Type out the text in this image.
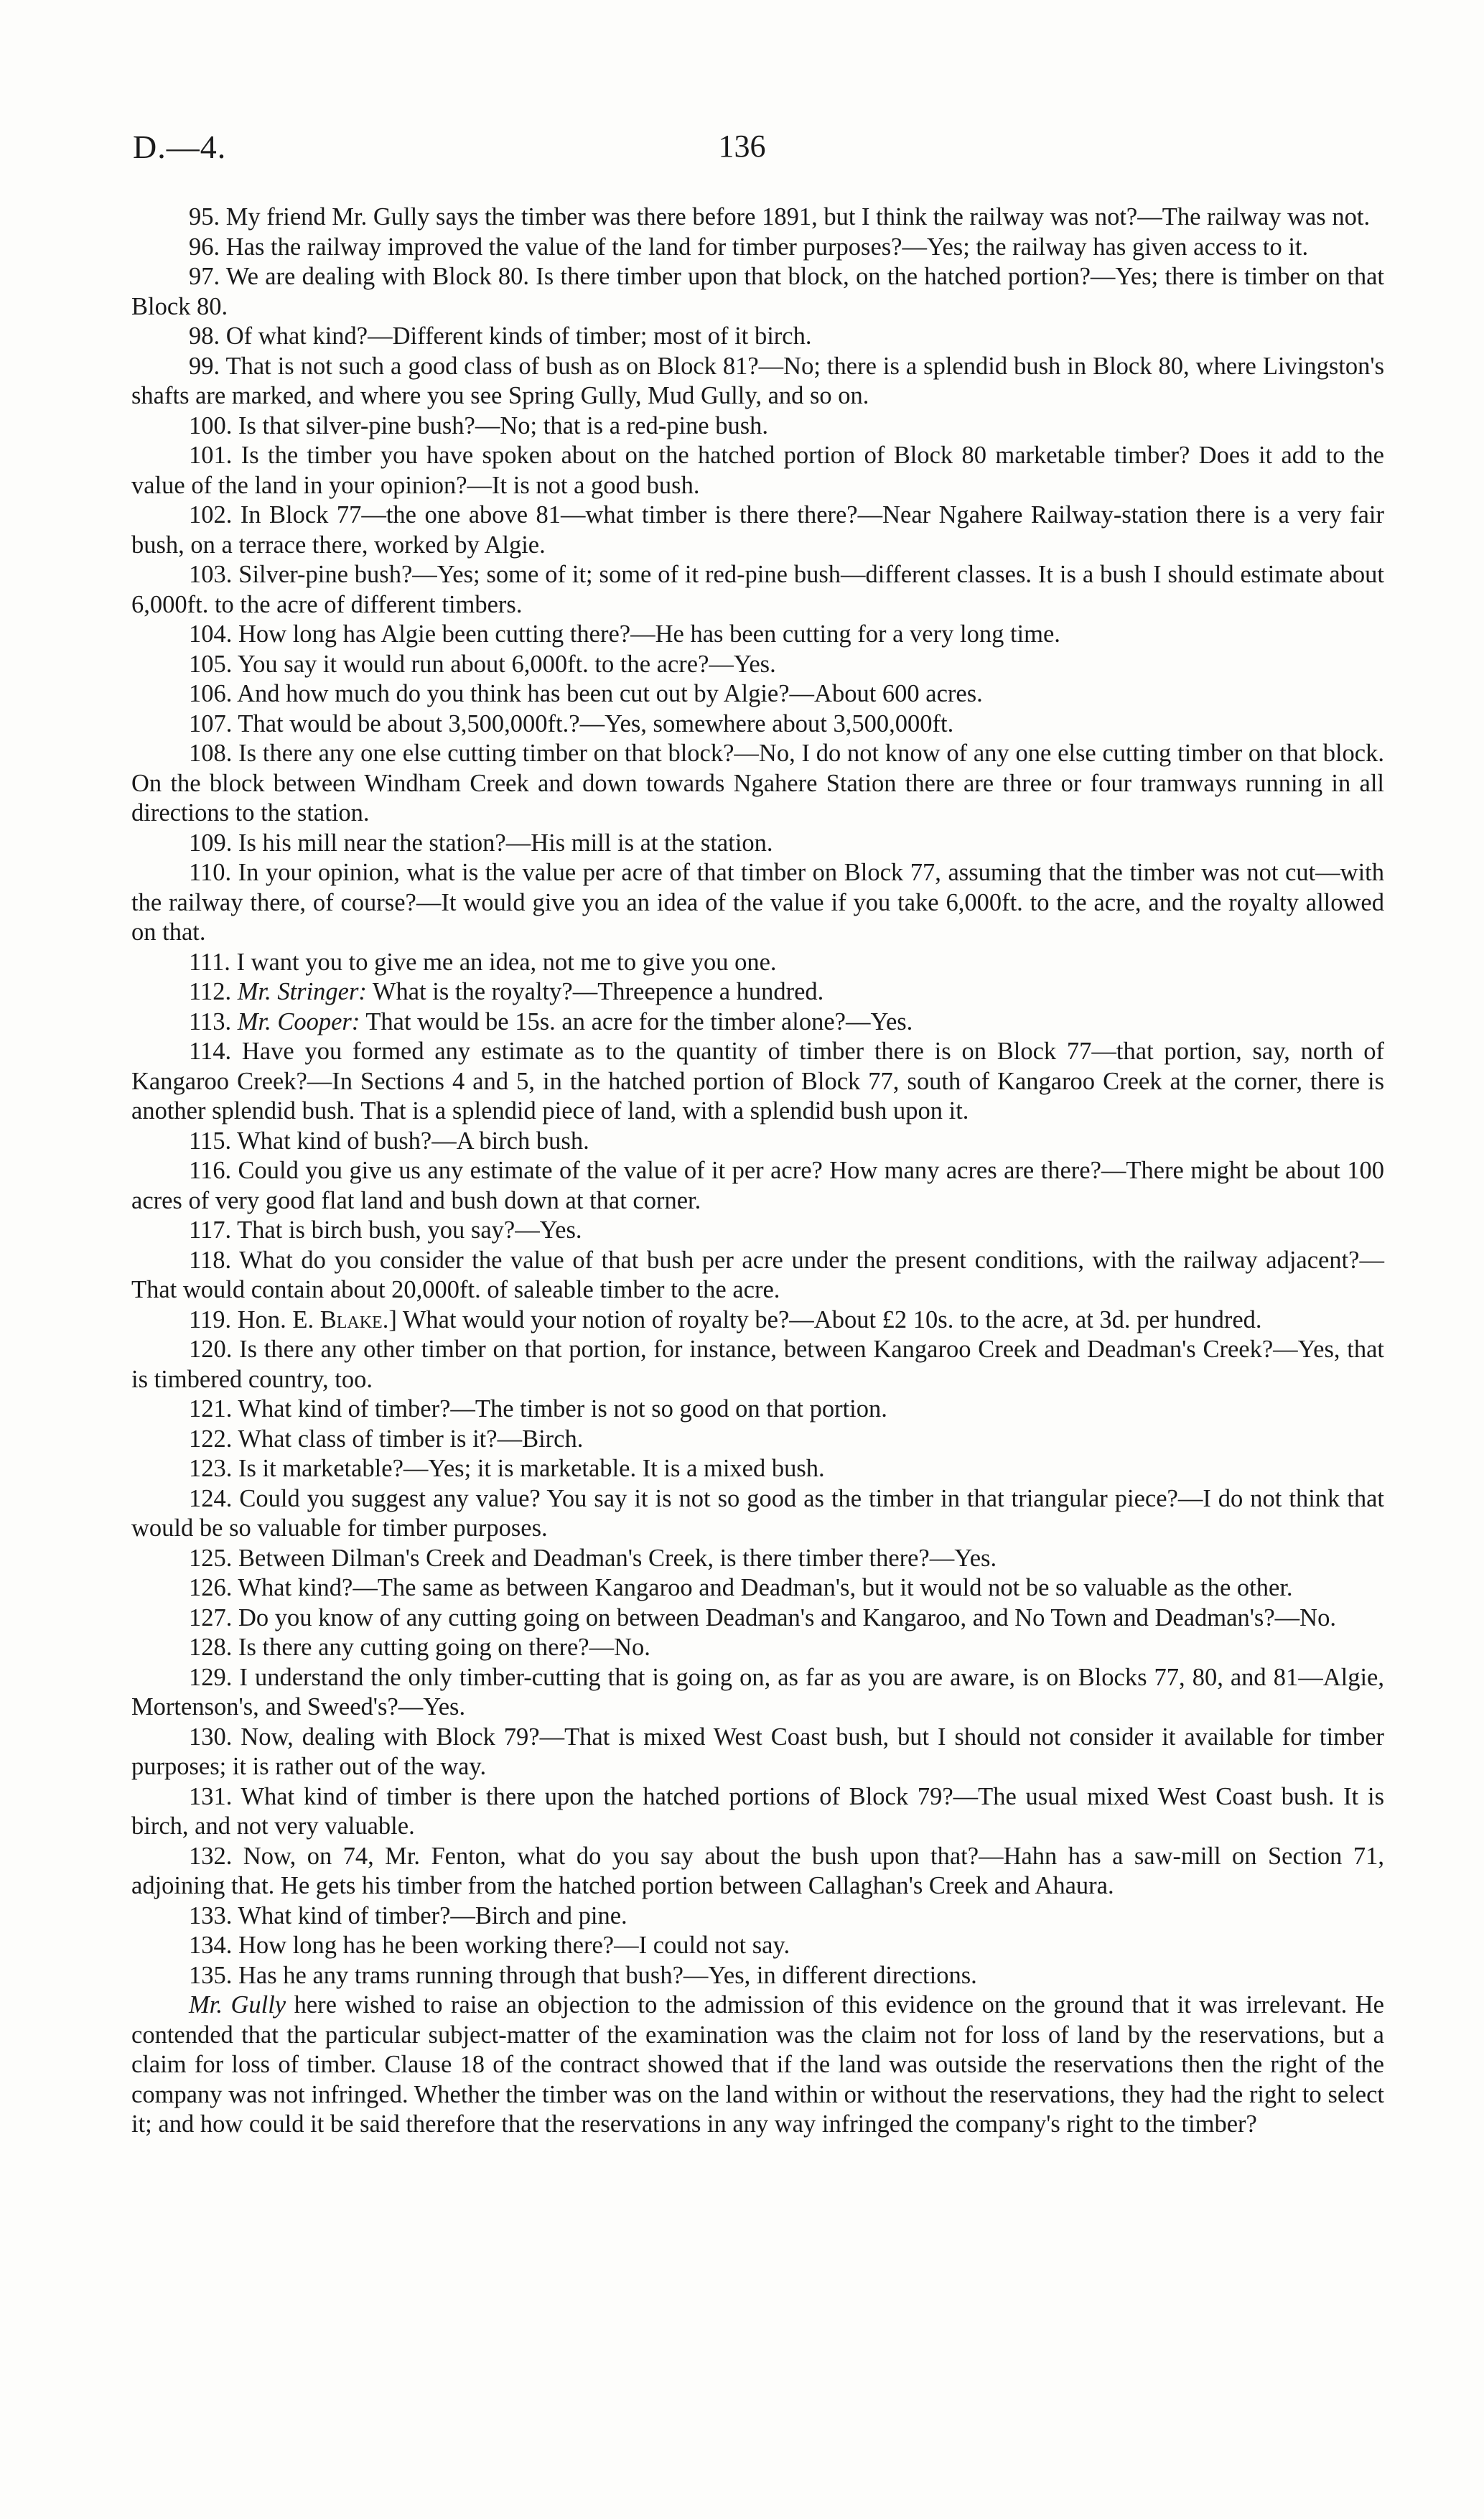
D.—4.	136

95. My friend Mr. Gully says the timber was there before 1891, but I think the railway was not?—The railway was not.

96. Has the railway improved the value of the land for timber purposes?—Yes; the railway has given access to it.

97. We are dealing with Block 80. Is there timber upon that block, on the hatched portion?—Yes; there is timber on that Block 80.

98. Of what kind?—Different kinds of timber; most of it birch.

99. That is not such a good class of bush as on Block 81?—No; there is a splendid bush in Block 80, where Livingston's shafts are marked, and where you see Spring Gully, Mud Gully, and so on.

100. Is that silver-pine bush?—No; that is a red-pine bush.

101. Is the timber you have spoken about on the hatched portion of Block 80 marketable timber? Does it add to the value of the land in your opinion?—It is not a good bush.

102. In Block 77—the one above 81—what timber is there there?—Near Ngahere Railway-station there is a very fair bush, on a terrace there, worked by Algie.

103. Silver-pine bush?—Yes; some of it; some of it red-pine bush—different classes. It is a bush I should estimate about 6,000ft. to the acre of different timbers.

104. How long has Algie been cutting there?—He has been cutting for a very long time.

105. You say it would run about 6,000ft. to the acre?—Yes.

106. And how much do you think has been cut out by Algie?—About 600 acres.

107. That would be about 3,500,000ft.?—Yes, somewhere about 3,500,000ft.

108. Is there any one else cutting timber on that block?—No, I do not know of any one else cutting timber on that block. On the block between Windham Creek and down towards Ngahere Station there are three or four tramways running in all directions to the station.

109. Is his mill near the station?—His mill is at the station.

110. In your opinion, what is the value per acre of that timber on Block 77, assuming that the timber was not cut—with the railway there, of course?—It would give you an idea of the value if you take 6,000ft. to the acre, and the royalty allowed on that.

111. I want you to give me an idea, not me to give you one.

112. Mr. Stringer: What is the royalty?—Threepence a hundred.

113. Mr. Cooper: That would be 15s. an acre for the timber alone?—Yes.

114. Have you formed any estimate as to the quantity of timber there is on Block 77—that portion, say, north of Kangaroo Creek?—In Sections 4 and 5, in the hatched portion of Block 77, south of Kangaroo Creek at the corner, there is another splendid bush. That is a splendid piece of land, with a splendid bush upon it.

115. What kind of bush?—A birch bush.

116. Could you give us any estimate of the value of it per acre? How many acres are there?—There might be about 100 acres of very good flat land and bush down at that corner.

117. That is birch bush, you say?—Yes.

118. What do you consider the value of that bush per acre under the present conditions, with the railway adjacent?—That would contain about 20,000ft. of saleable timber to the acre.

119. Hon. E. Blake.] What would your notion of royalty be?—About £2 10s. to the acre, at 3d. per hundred.

120. Is there any other timber on that portion, for instance, between Kangaroo Creek and Deadman's Creek?—Yes, that is timbered country, too.

121. What kind of timber?—The timber is not so good on that portion.

122. What class of timber is it?—Birch.

123. Is it marketable?—Yes; it is marketable. It is a mixed bush.

124. Could you suggest any value? You say it is not so good as the timber in that triangular piece?—I do not think that would be so valuable for timber purposes.

125. Between Dilman's Creek and Deadman's Creek, is there timber there?—Yes.

126. What kind?—The same as between Kangaroo and Deadman's, but it would not be so valuable as the other.

127. Do you know of any cutting going on between Deadman's and Kangaroo, and No Town and Deadman's?—No.

128. Is there any cutting going on there?—No.

129. I understand the only timber-cutting that is going on, as far as you are aware, is on Blocks 77, 80, and 81—Algie, Mortenson's, and Sweed's?—Yes.

130. Now, dealing with Block 79?—That is mixed West Coast bush, but I should not consider it available for timber purposes; it is rather out of the way.

131. What kind of timber is there upon the hatched portions of Block 79?—The usual mixed West Coast bush. It is birch, and not very valuable.

132. Now, on 74, Mr. Fenton, what do you say about the bush upon that?—Hahn has a saw-mill on Section 71, adjoining that. He gets his timber from the hatched portion between Callaghan's Creek and Ahaura.

133. What kind of timber?—Birch and pine.

134. How long has he been working there?—I could not say.

135. Has he any trams running through that bush?—Yes, in different directions.

Mr. Gully here wished to raise an objection to the admission of this evidence on the ground that it was irrelevant. He contended that the particular subject-matter of the examination was the claim not for loss of land by the reservations, but a claim for loss of timber. Clause 18 of the contract showed that if the land was outside the reservations then the right of the company was not infringed. Whether the timber was on the land within or without the reservations, they had the right to select it; and how could it be said therefore that the reservations in any way infringed the company's right to the timber?
